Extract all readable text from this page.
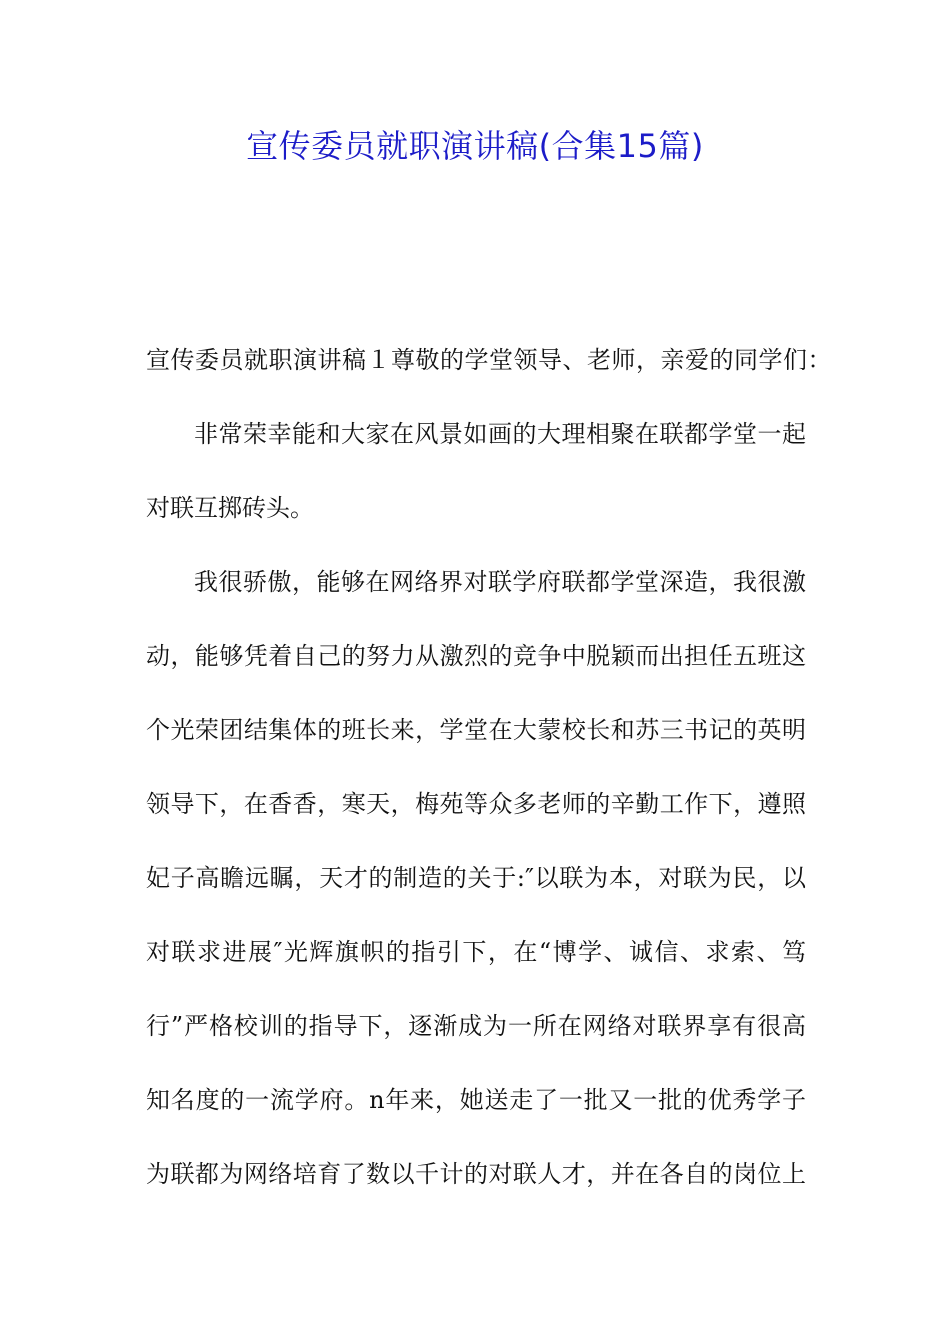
宣传委员就职演讲稿(合集15篇)
宣传委员就职演讲稿１尊敬的学堂领导、老师，亲爱的同学们：
非常荣幸能和大家在风景如画的大理相聚在联都学堂一起
对联互掷砖头。
我很骄傲，能够在网络界对联学府联都学堂深造，我很激
动，能够凭着自己的努力从激烈的竞争中脱颖而出担任五班这
个光荣团结集体的班长来，学堂在大蒙校长和苏三书记的英明
领导下，在香香，寒天，梅苑等众多老师的辛勤工作下，遵照
妃子高瞻远瞩，天才的制造的关于:″以联为本，对联为民，以
对联求进展″光辉旗帜的指引下，在“博学、诚信、求索、笃
行”严格校训的指导下，逐渐成为一所在网络对联界享有很高
知名度的一流学府。n年来，她送走了一批又一批的优秀学子
为联都为网络培育了数以千计的对联人才，并在各自的岗位上
